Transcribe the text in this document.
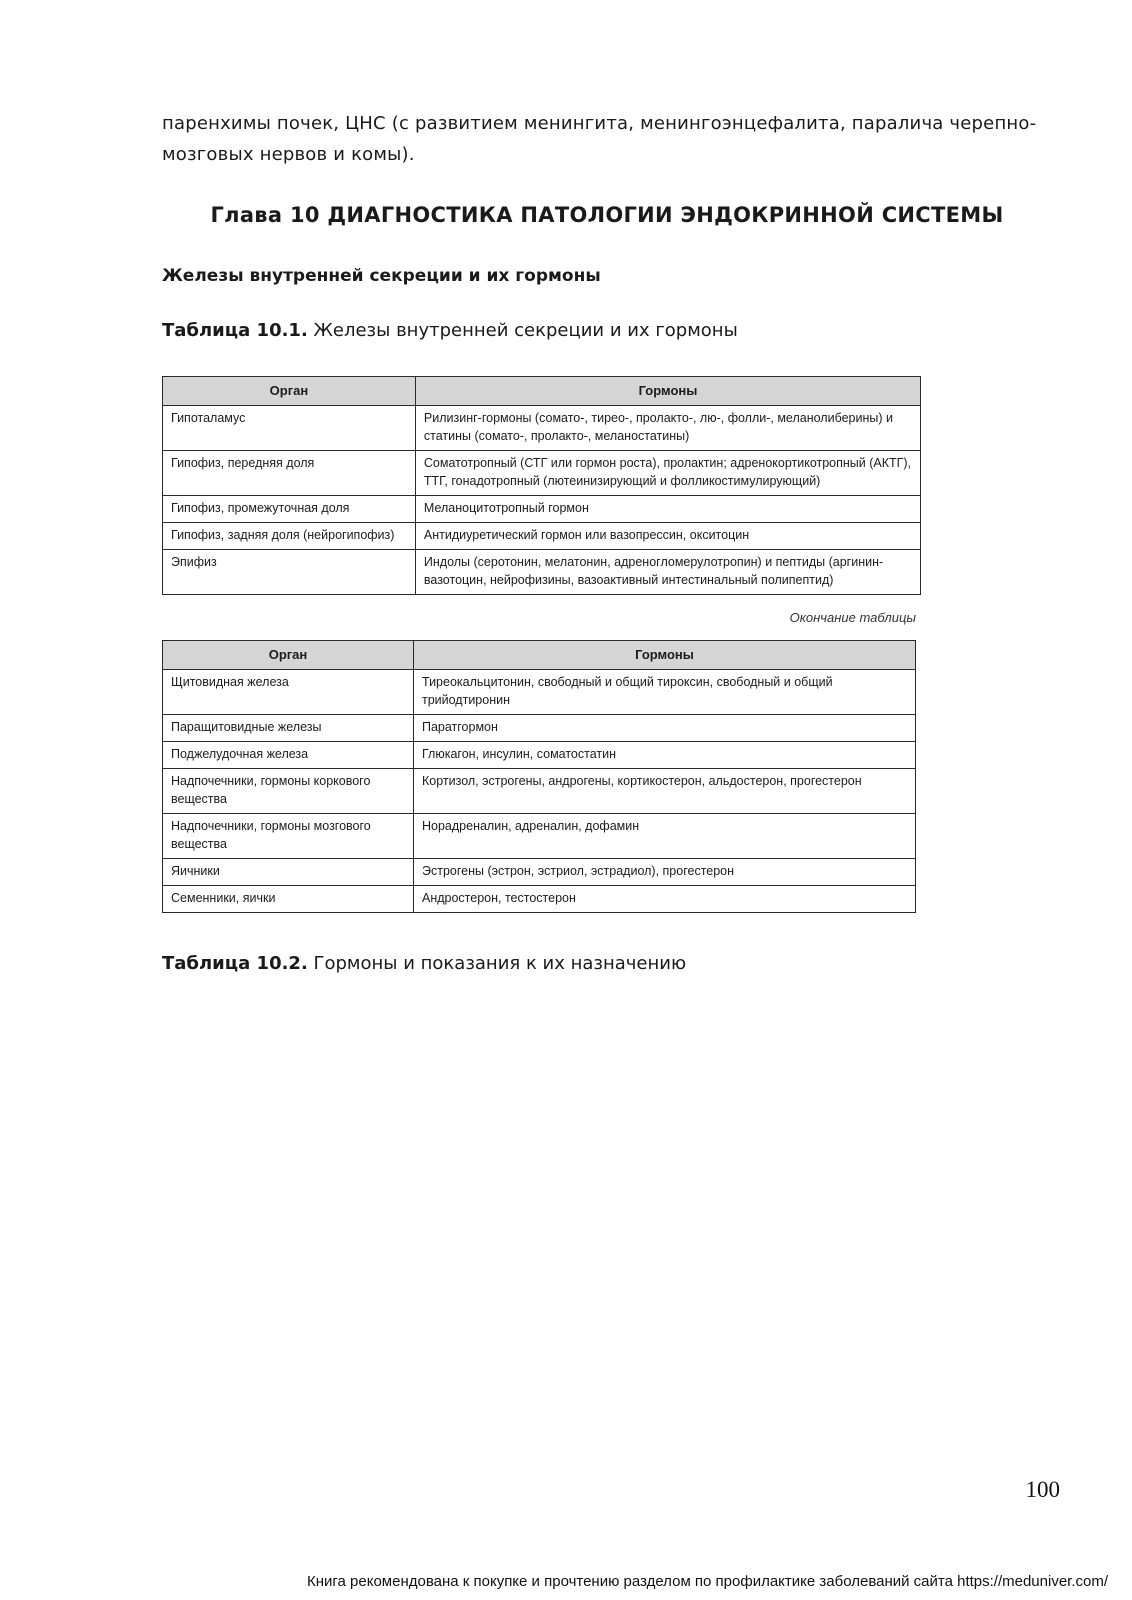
паренхимы почек, ЦНС (с развитием менингита, менингоэнцефалита, паралича черепно-мозговых нервов и комы).

Глава 10 ДИАГНОСТИКА ПАТОЛОГИИ ЭНДОКРИННОЙ СИСТЕМЫ
Железы внутренней секреции и их гормоны

Таблица 10.1. Железы внутренней секреции и их гормоны

Орган	Гормоны
Гипоталамус	Рилизинг-гормоны (сомато-, тирео-, пролакто-, лю-, фолли-, меланолиберины) и статины (сомато-, пролакто-, меланостатины)
Гипофиз, передняя доля	Соматотропный (СТГ или гормон роста), пролактин; адренокортикотропный (АКТГ), ТТГ, гонадотропный (лютеинизирующий и фолликостимулирующий)
Гипофиз, промежуточная доля	Меланоцитотропный гормон
Гипофиз, задняя доля (нейрогипофиз)	Антидиуретический гормон или вазопрессин, окситоцин
Эпифиз	Индолы (серотонин, мелатонин, адреногломерулотропин) и пептиды (аргинин-вазотоцин, нейрофизины, вазоактивный интестинальный полипептид)
Окончание таблицы
Орган	Гормоны
Щитовидная железа	Тиреокальцитонин, свободный и общий тироксин, свободный и общий трийодтиронин
Паращитовидные железы	Паратгормон
Поджелудочная железа	Глюкагон, инсулин, соматостатин
Надпочечники, гормоны коркового вещества	Кортизол, эстрогены, андрогены, кортикостерон, альдостерон, прогестерон
Надпочечники, гормоны мозгового вещества	Норадреналин, адреналин, дофамин
Яичники	Эстрогены (эстрон, эстриол, эстрадиол), прогестерон
Семенники, яички	Андростерон, тестостерон

Таблица 10.2. Гормоны и показания к их назначению

100
Книга рекомендована к покупке и прочтению разделом по профилактике заболеваний сайта https://meduniver.com/
